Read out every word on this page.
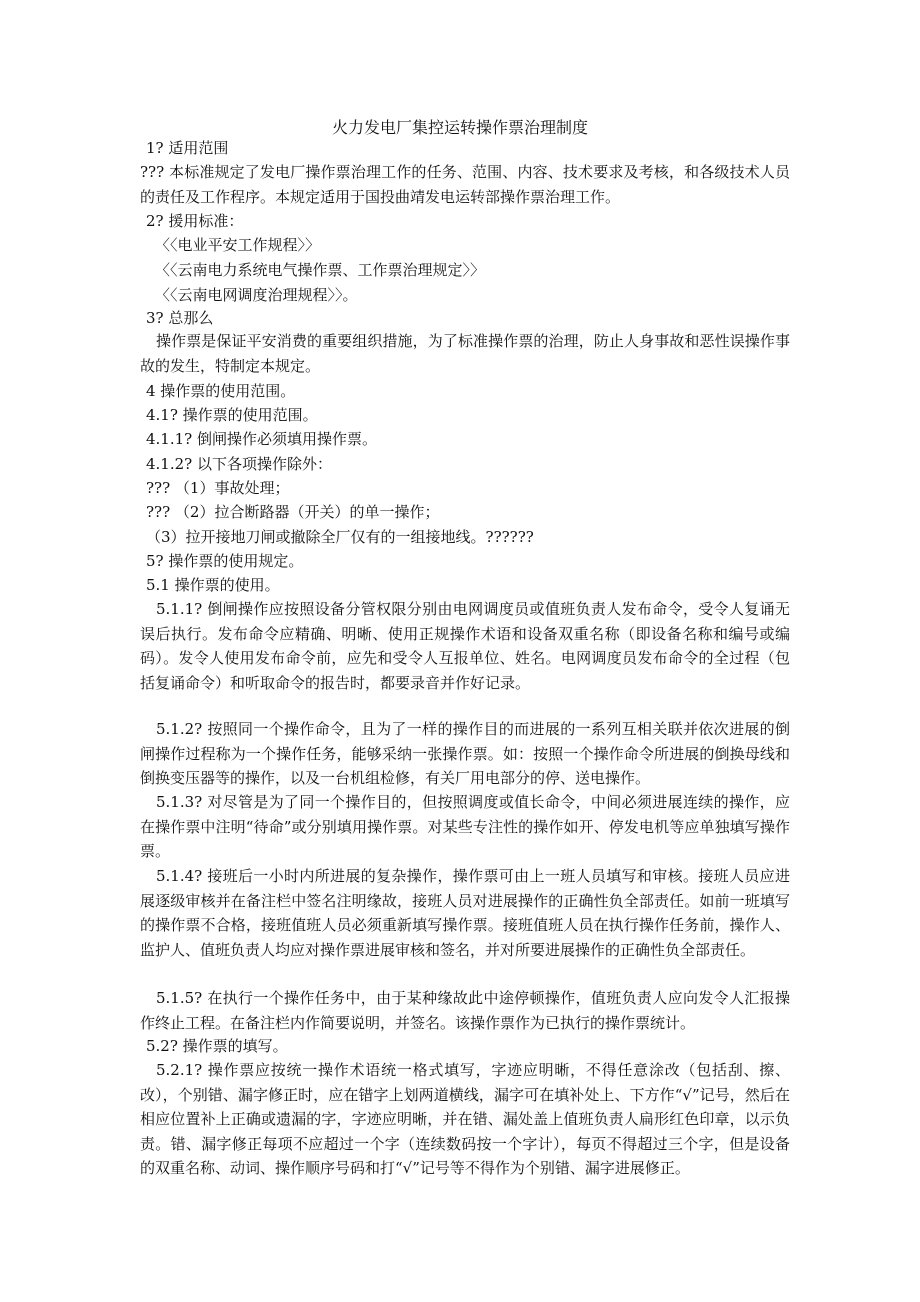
火力发电厂集控运转操作票治理制度
1? 适用范围
??? 本标准规定了发电厂操作票治理工作的任务、范围、内容、技术要求及考核，和各级技术人员的责任及工作程序。本规定适用于国投曲靖发电运转部操作票治理工作。
2? 援用标准：
〈〈电业平安工作规程〉〉
〈〈云南电力系统电气操作票、工作票治理规定〉〉
〈〈云南电网调度治理规程〉〉。
3? 总那么
操作票是保证平安消费的重要组织措施，为了标准操作票的治理，防止人身事故和恶性误操作事故的发生，特制定本规定。
4 操作票的使用范围。
4.1? 操作票的使用范围。
4.1.1? 倒闸操作必须填用操作票。
4.1.2? 以下各项操作除外：
??? （1）事故处理；
??? （2）拉合断路器（开关）的单一操作；
（3）拉开接地刀闸或撤除全厂仅有的一组接地线。??????
5? 操作票的使用规定。
5.1 操作票的使用。
5.1.1? 倒闸操作应按照设备分管权限分别由电网调度员或值班负责人发布命令，受令人复诵无误后执行。发布命令应精确、明晰、使用正规操作术语和设备双重名称（即设备名称和编号或编码）。发令人使用发布命令前，应先和受令人互报单位、姓名。电网调度员发布命令的全过程（包括复诵命令）和听取命令的报告时，都要录音并作好记录。
5.1.2? 按照同一个操作命令，且为了一样的操作目的而进展的一系列互相关联并依次进展的倒闸操作过程称为一个操作任务，能够采纳一张操作票。如：按照一个操作命令所进展的倒换母线和倒换变压器等的操作，以及一台机组检修，有关厂用电部分的停、送电操作。
5.1.3? 对尽管是为了同一个操作目的，但按照调度或值长命令，中间必须进展连续的操作，应在操作票中注明“待命”或分别填用操作票。对某些专注性的操作如开、停发电机等应单独填写操作票。
5.1.4? 接班后一小时内所进展的复杂操作，操作票可由上一班人员填写和审核。接班人员应进展逐级审核并在备注栏中签名注明缘故，接班人员对进展操作的正确性负全部责任。如前一班填写的操作票不合格，接班值班人员必须重新填写操作票。接班值班人员在执行操作任务前，操作人、监护人、值班负责人均应对操作票进展审核和签名，并对所要进展操作的正确性负全部责任。
5.1.5? 在执行一个操作任务中，由于某种缘故此中途停顿操作，值班负责人应向发令人汇报操作终止工程。在备注栏内作简要说明，并签名。该操作票作为已执行的操作票统计。
5.2? 操作票的填写。
5.2.1? 操作票应按统一操作术语统一格式填写，字迹应明晰，不得任意涂改（包括刮、擦、改），个别错、漏字修正时，应在错字上划两道横线，漏字可在填补处上、下方作“√”记号，然后在相应位置补上正确或遗漏的字，字迹应明晰，并在错、漏处盖上值班负责人扁形红色印章，以示负责。错、漏字修正每项不应超过一个字（连续数码按一个字计），每页不得超过三个字，但是设备的双重名称、动词、操作顺序号码和打“√”记号等不得作为个别错、漏字进展修正。
